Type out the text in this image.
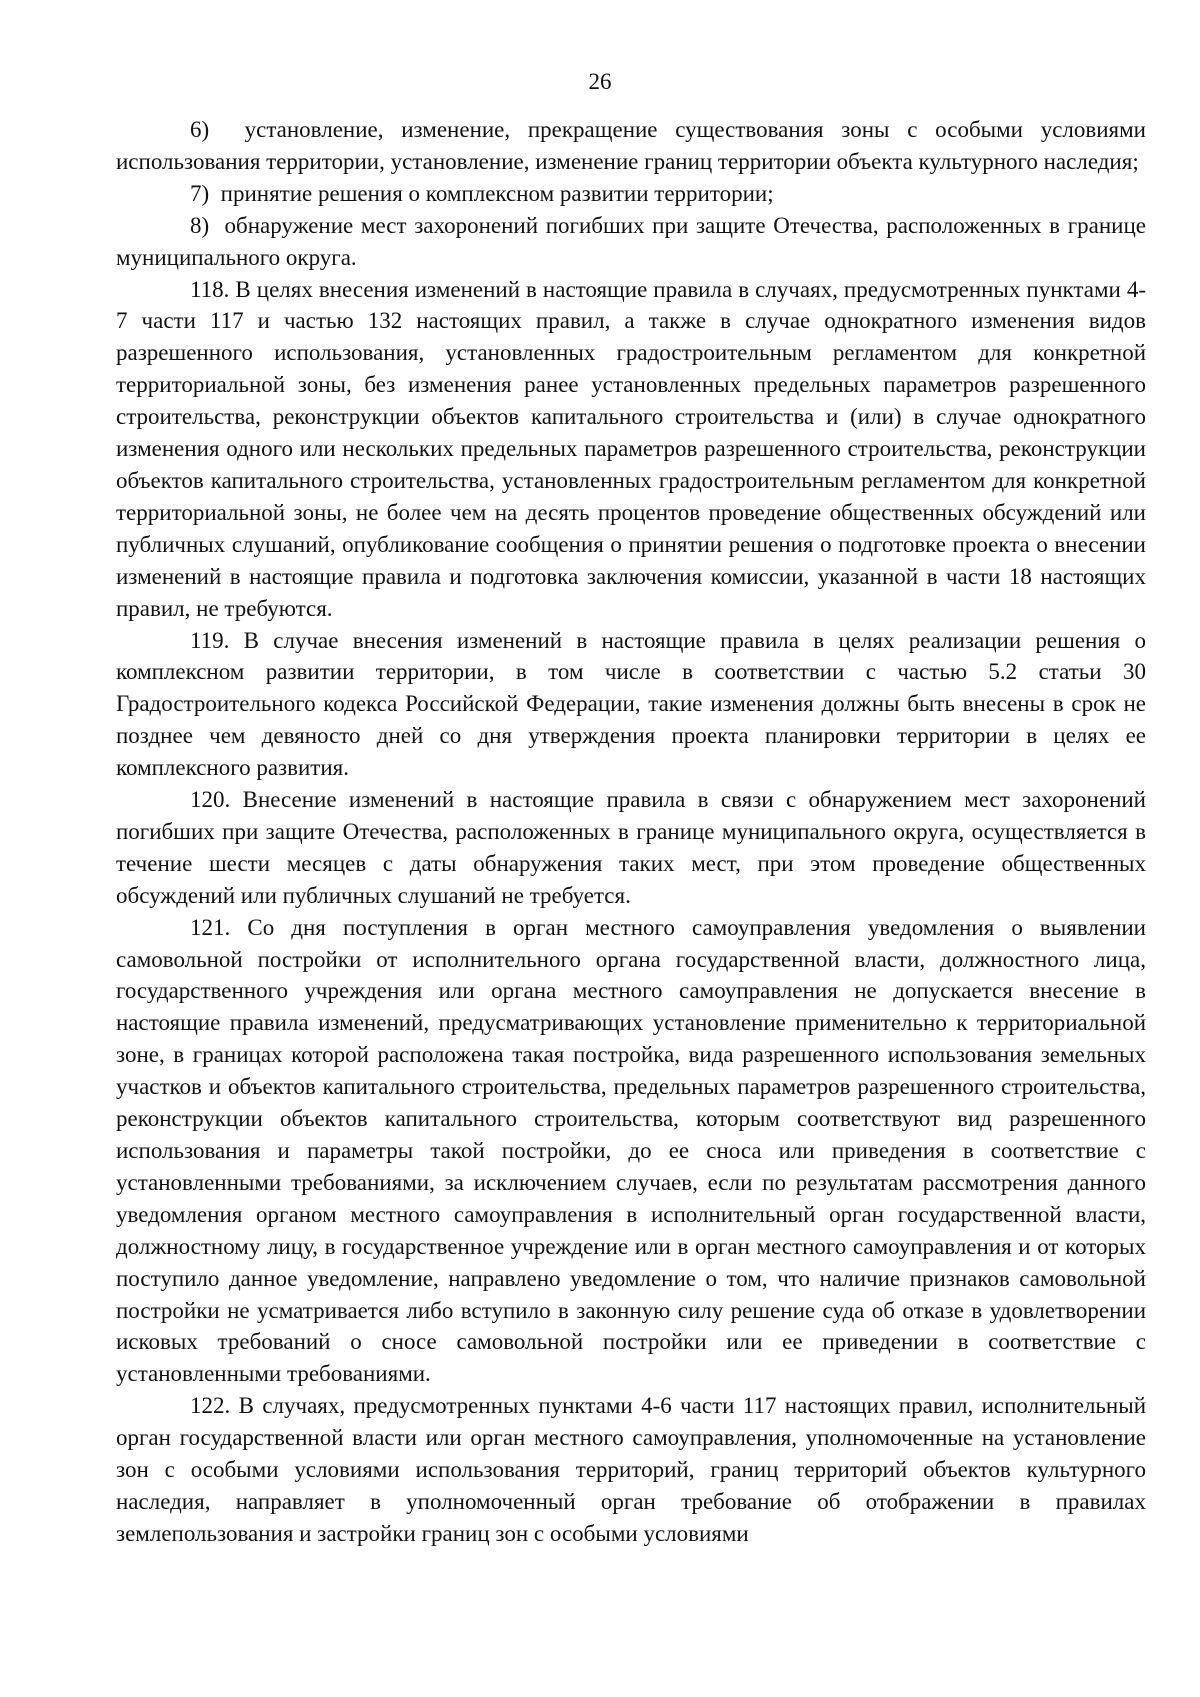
26

6)  установление, изменение, прекращение существования зоны с особыми условиями использования территории, установление, изменение границ территории объекта культурного наследия;

7)  принятие решения о комплексном развитии территории;

8)  обнаружение мест захоронений погибших при защите Отечества, расположенных в границе муниципального округа.

118. В целях внесения изменений в настоящие правила в случаях, предусмотренных пунктами 4-7 части 117 и частью 132 настоящих правил, а также в случае однократного изменения видов разрешенного использования, установленных градостроительным регламентом для конкретной территориальной зоны, без изменения ранее установленных предельных параметров разрешенного строительства, реконструкции объектов капитального строительства и (или) в случае однократного изменения одного или нескольких предельных параметров разрешенного строительства, реконструкции объектов капитального строительства, установленных градостроительным регламентом для конкретной территориальной зоны, не более чем на десять процентов проведение общественных обсуждений или публичных слушаний, опубликование сообщения о принятии решения о подготовке проекта о внесении изменений в настоящие правила и подготовка заключения комиссии, указанной в части 18 настоящих правил, не требуются.

119. В случае внесения изменений в настоящие правила в целях реализации решения о комплексном развитии территории, в том числе в соответствии с частью 5.2 статьи 30 Градостроительного кодекса Российской Федерации, такие изменения должны быть внесены в срок не позднее чем девяносто дней со дня утверждения проекта планировки территории в целях ее комплексного развития.

120. Внесение изменений в настоящие правила в связи с обнаружением мест захоронений погибших при защите Отечества, расположенных в границе муниципального округа, осуществляется в течение шести месяцев с даты обнаружения таких мест, при этом проведение общественных обсуждений или публичных слушаний не требуется.

121. Со дня поступления в орган местного самоуправления уведомления о выявлении самовольной постройки от исполнительного органа государственной власти, должностного лица, государственного учреждения или органа местного самоуправления не допускается внесение в настоящие правила изменений, предусматривающих установление применительно к территориальной зоне, в границах которой расположена такая постройка, вида разрешенного использования земельных участков и объектов капитального строительства, предельных параметров разрешенного строительства, реконструкции объектов капитального строительства, которым соответствуют вид разрешенного использования и параметры такой постройки, до ее сноса или приведения в соответствие с установленными требованиями, за исключением случаев, если по результатам рассмотрения данного уведомления органом местного самоуправления в исполнительный орган государственной власти, должностному лицу, в государственное учреждение или в орган местного самоуправления и от которых поступило данное уведомление, направлено уведомление о том, что наличие признаков самовольной постройки не усматривается либо вступило в законную силу решение суда об отказе в удовлетворении исковых требований о сносе самовольной постройки или ее приведении в соответствие с установленными требованиями.

122. В случаях, предусмотренных пунктами 4-6 части 117 настоящих правил, исполнительный орган государственной власти или орган местного самоуправления, уполномоченные на установление зон с особыми условиями использования территорий, границ территорий объектов культурного наследия, направляет в уполномоченный орган требование об отображении в правилах землепользования и застройки границ зон с особыми условиями
